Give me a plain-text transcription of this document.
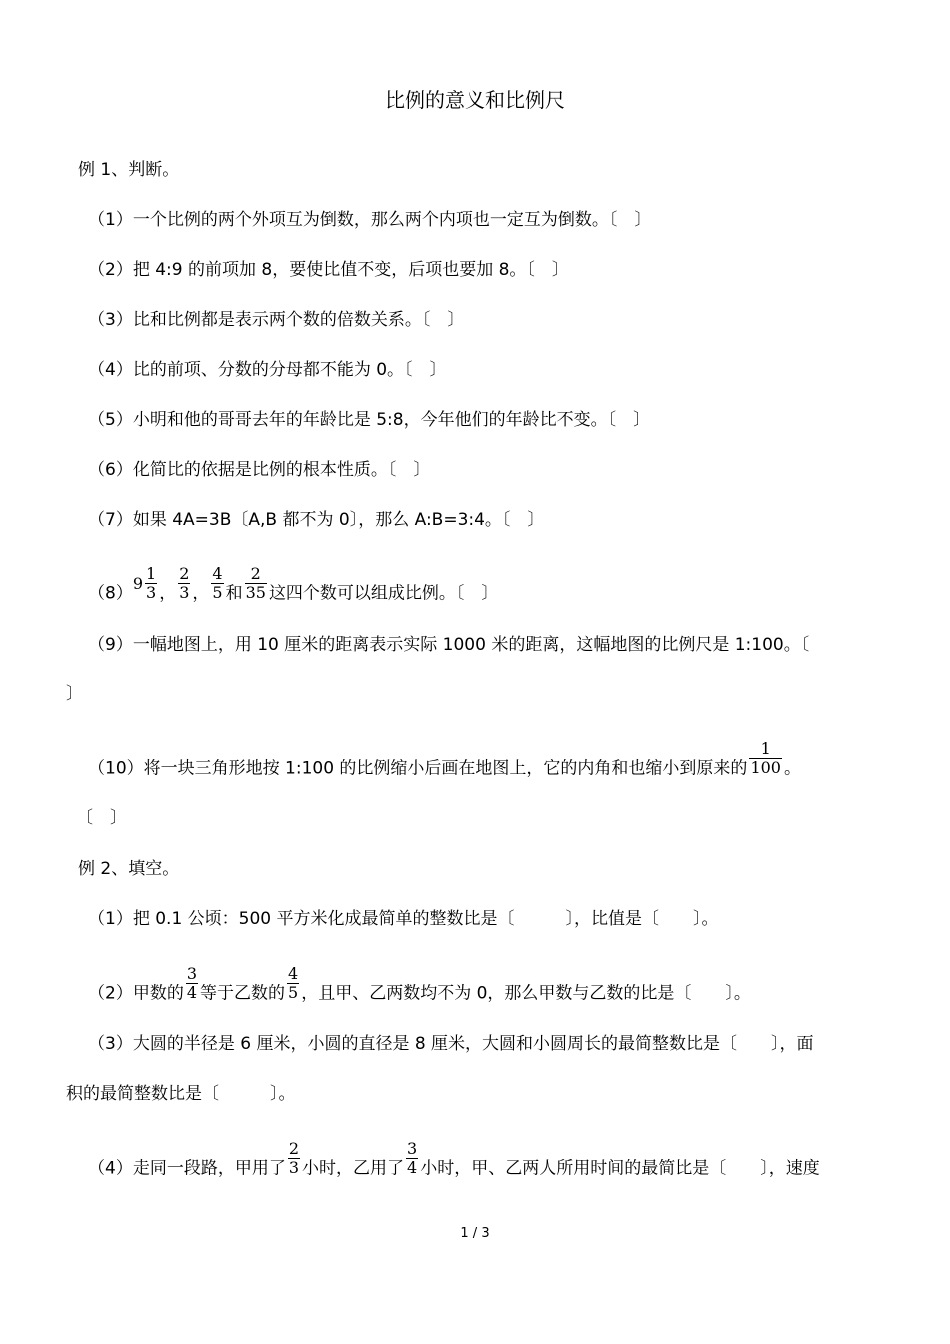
比例的意义和比例尺
例 1、判断。
（1）一个比例的两个外项互为倒数，那么两个内项也一定互为倒数。〔　〕
（2）把 4:9 的前项加 8，要使比值不变，后项也要加 8。〔　〕
（3）比和比例都是表示两个数的倍数关系。〔　〕
（4）比的前项、分数的分母都不能为 0。〔　〕
（5）小明和他的哥哥去年的年龄比是 5:8，今年他们的年龄比不变。〔　〕
（6）化简比的依据是比例的根本性质。〔　〕
（7）如果 4A=3B〔A,B 都不为 0〕，那么 A:B=3:4。〔　〕
$(8)9 \frac{1}{3}$ ， $\frac{2}{3}$ ， $\frac{4}{5}$ 和 $\frac{2}{35}$ 这四个数可以组成比例。〔　〕
（9）一幅地图上，用 10 厘米的距离表示实际 1000 米的距离，这幅地图的比例尺是 1:100。〔
〕
（10）将一块三角形地按 1:100 的比例缩小后画在地图上，它的内角和也缩小到原来的 $\frac{1}{100}$ 。
〔　〕
例 2、填空。
（1）把 0.1 公顷：500 平方米化成最简单的整数比是〔　　　〕，比值是〔　　〕。
（2）甲数的 $\frac{3}{4}$ 等于乙数的 $\frac{4}{5}$ ，且甲、乙两数均不为 0，那么甲数与乙数的比是〔　　〕。
（3）大圆的半径是 6 厘米，小圆的直径是 8 厘米，大圆和小圆周长的最简整数比是〔　　〕，面
积的最简整数比是〔　　　〕。
（4）走同一段路，甲用了 $\frac{2}{3}$ 小时，乙用了 $\frac{3}{4}$ 小时，甲、乙两人所用时间的最简比是〔　　〕，速度
1 / 3
